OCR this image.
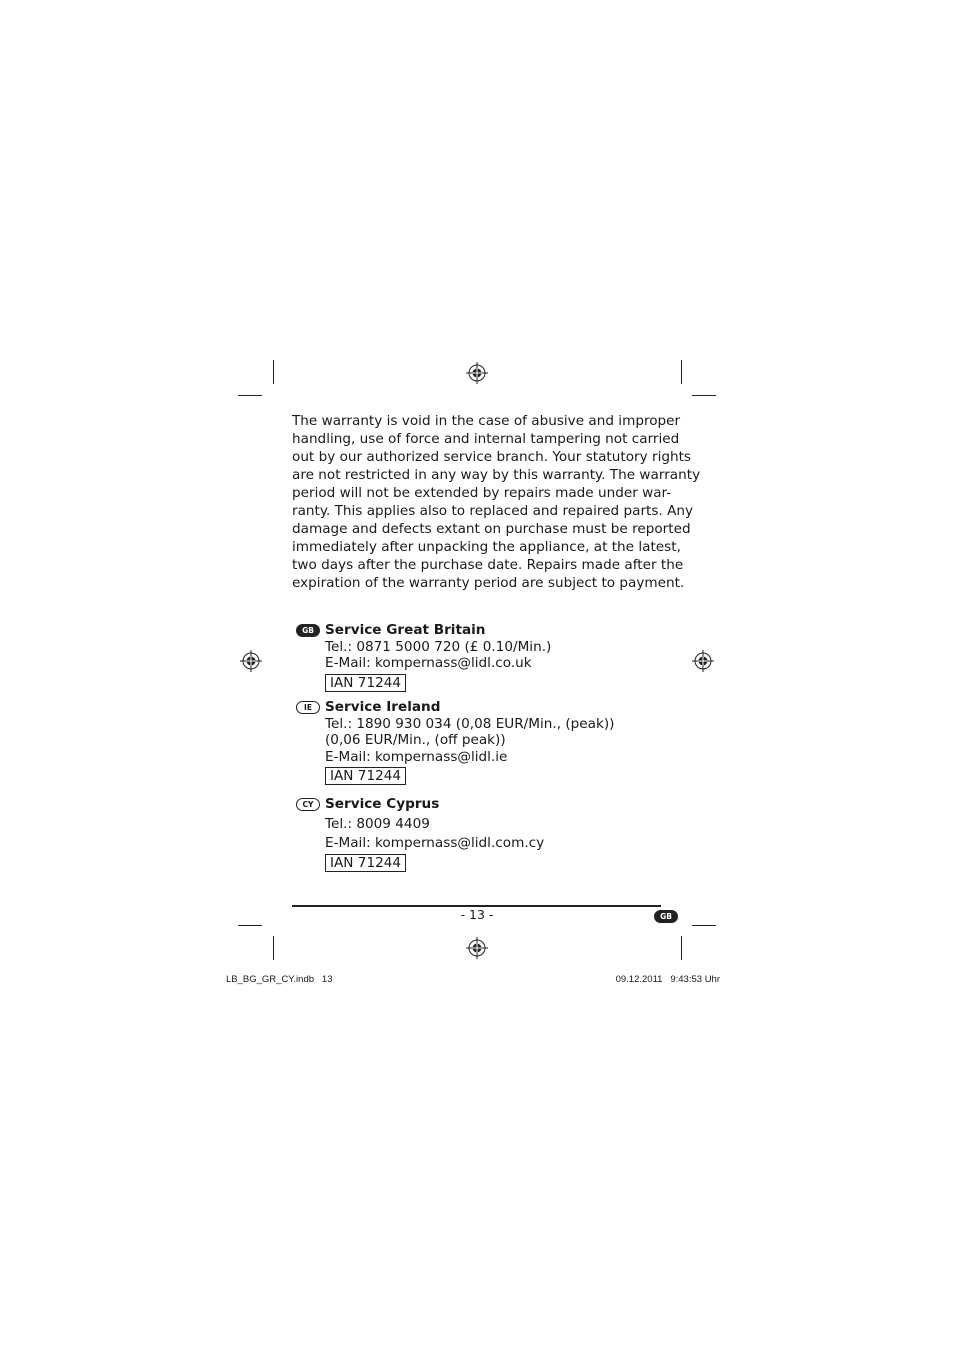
The warranty is void in the case of abusive and improper
handling, use of force and internal tampering not carried
out by our authorized service branch. Your statutory rights
are not restricted in any way by this warranty. The warranty
period will not be extended by repairs made under war-
ranty. This applies also to replaced and repaired parts. Any
damage and defects extant on purchase must be reported
immediately after unpacking the appliance, at the latest,
two days after the purchase date. Repairs made after the
expiration of the warranty period are subject to payment.
GB Service Great Britain
Tel.: 0871 5000 720 (£ 0.10/Min.)
E-Mail: kompernass@lidl.co.uk
IAN 71244
IE Service Ireland
Tel.: 1890 930 034 (0,08 EUR/Min., (peak))
(0,06 EUR/Min., (off peak))
E-Mail: kompernass@lidl.ie
IAN 71244
CY Service Cyprus
Tel.: 8009 4409
E-Mail: kompernass@lidl.com.cy
IAN 71244
- 13 -	GB
LB_BG_GR_CY.indb   13	09.12.2011   9:43:53 Uhr
